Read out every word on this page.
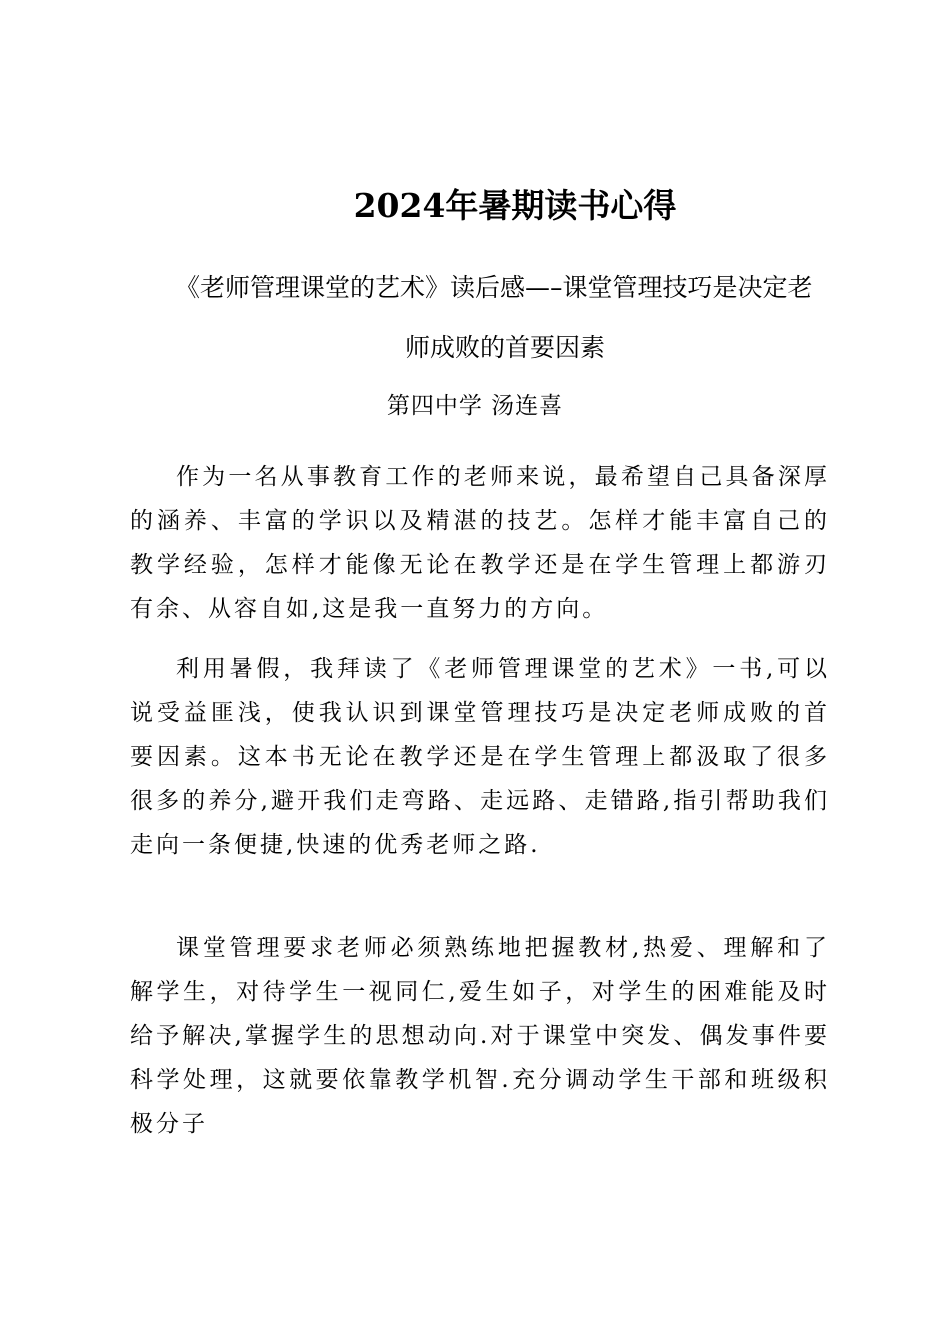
2024年暑期读书心得
《老师管理课堂的艺术》读后感—–课堂管理技巧是决定老
师成败的首要因素
第四中学 汤连喜

作为一名从事教育工作的老师来说，最希望自己具备深厚的涵养、丰富的学识以及精湛的技艺。怎样才能丰富自己的教学经验，怎样才能像无论在教学还是在学生管理上都游刃有余、从容自如,这是我一直努力的方向。

利用暑假，我拜读了《老师管理课堂的艺术》一书,可以说受益匪浅，使我认识到课堂管理技巧是决定老师成败的首要因素。这本书无论在教学还是在学生管理上都汲取了很多很多的养分,避开我们走弯路、走远路、走错路,指引帮助我们走向一条便捷,快速的优秀老师之路.

课堂管理要求老师必须熟练地把握教材,热爱、理解和了解学生，对待学生一视同仁,爱生如子，对学生的困难能及时给予解决,掌握学生的思想动向.对于课堂中突发、偶发事件要科学处理，这就要依靠教学机智.充分调动学生干部和班级积极分子
